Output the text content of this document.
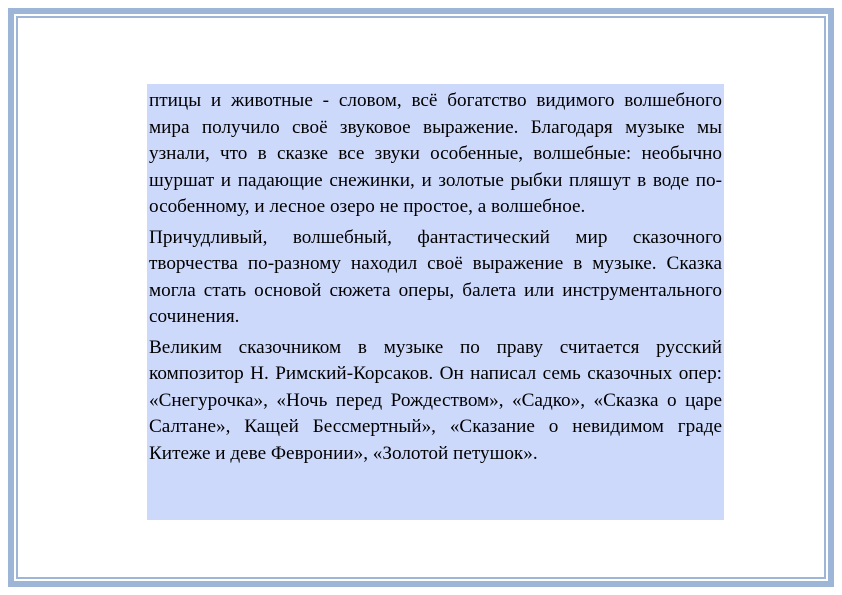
птицы и животные - словом, всё богатство видимого волшебного мира получило своё звуковое выражение. Благодаря музыке мы узнали, что в сказке все звуки особенные, волшебные: необычно шуршат и падающие снежинки, и золотые рыбки пляшут в воде по-особенному, и лесное озеро не простое, а волшебное.

Причудливый, волшебный, фантастический мир сказочного творчества по-разному находил своё выражение в музыке. Сказка могла стать основой сюжета оперы, балета или инструментального сочинения.

Великим сказочником в музыке по праву считается русский композитор Н. Римский-Корсаков. Он написал семь сказочных опер: «Снегурочка», «Ночь перед Рождеством», «Садко», «Сказка о царе Салтане», Кащей Бессмертный», «Сказание о невидимом граде Китеже и деве Февронии», «Золотой петушок».
